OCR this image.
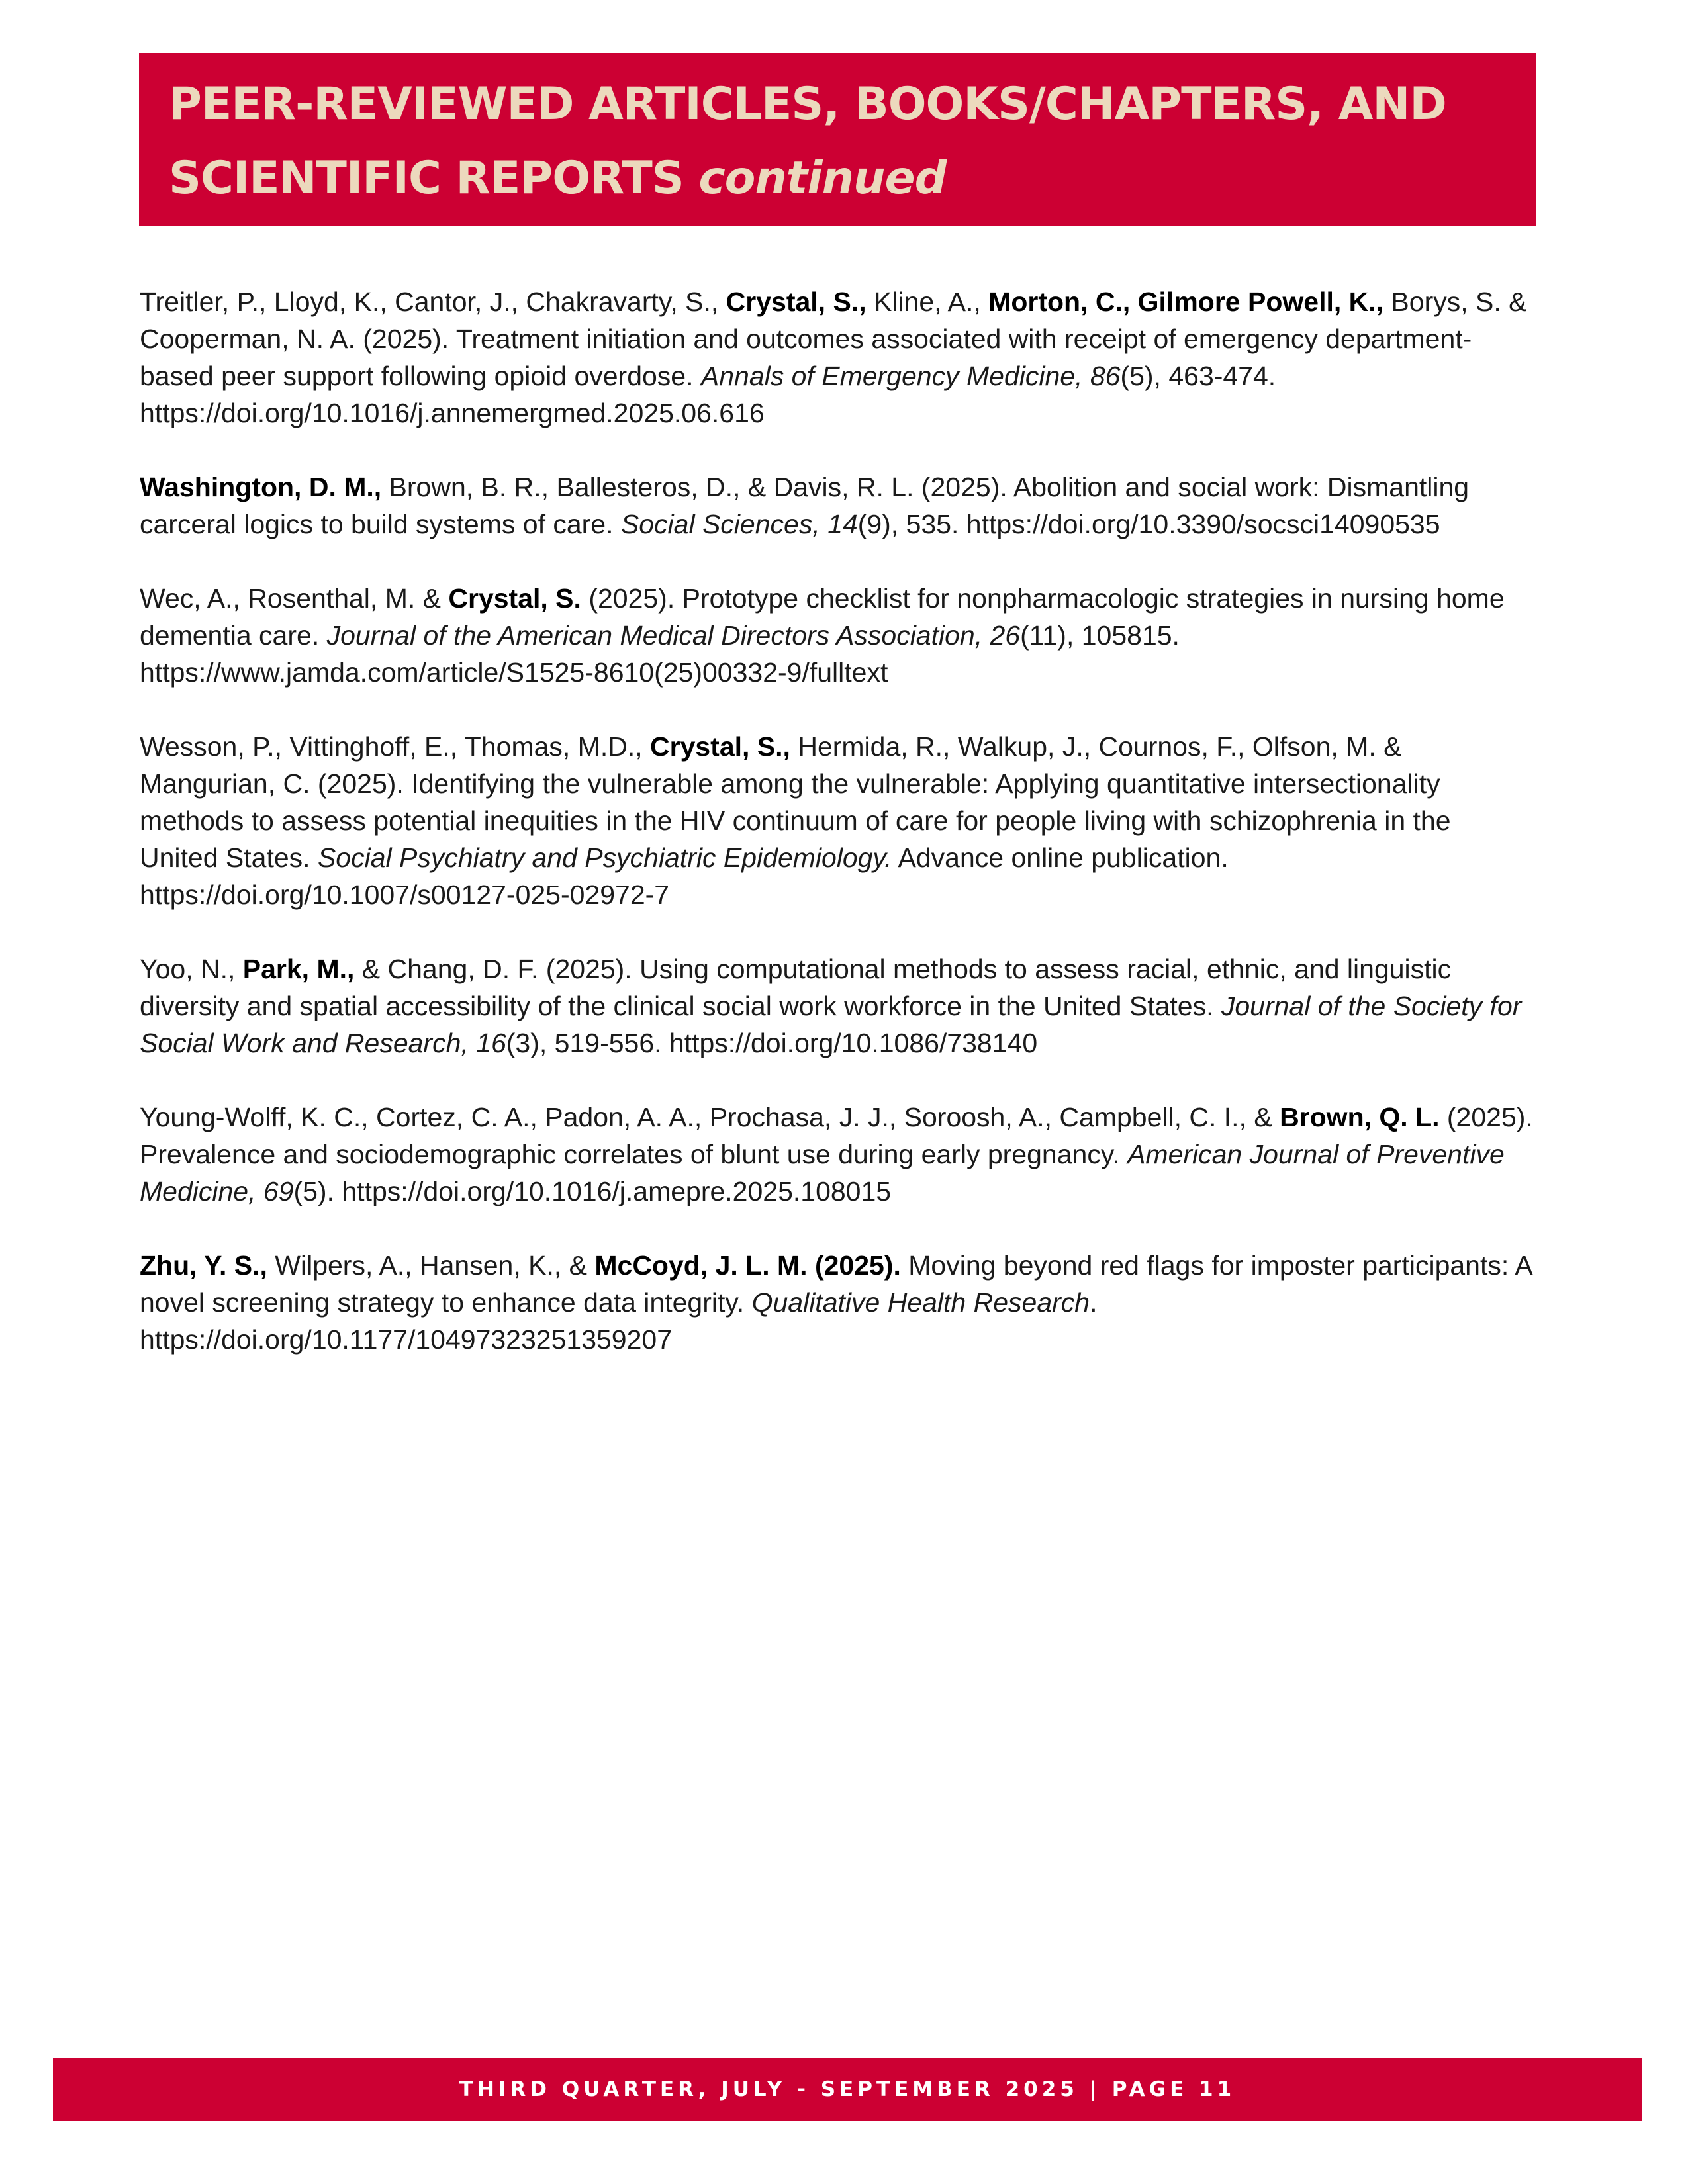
PEER-REVIEWED ARTICLES, BOOKS/CHAPTERS, AND SCIENTIFIC REPORTS continued

Treitler, P., Lloyd, K., Cantor, J., Chakravarty, S., Crystal, S., Kline, A., Morton, C., Gilmore Powell, K., Borys, S. & Cooperman, N. A. (2025). Treatment initiation and outcomes associated with receipt of emergency department-based peer support following opioid overdose. Annals of Emergency Medicine, 86(5), 463-474. https://doi.org/10.1016/j.annemergmed.2025.06.616

Washington, D. M., Brown, B. R., Ballesteros, D., & Davis, R. L. (2025). Abolition and social work: Dismantling carceral logics to build systems of care. Social Sciences, 14(9), 535. https://doi.org/10.3390/socsci14090535

Wec, A., Rosenthal, M. & Crystal, S. (2025). Prototype checklist for nonpharmacologic strategies in nursing home dementia care. Journal of the American Medical Directors Association, 26(11), 105815. https://www.jamda.com/article/S1525-8610(25)00332-9/fulltext

Wesson, P., Vittinghoff, E., Thomas, M.D., Crystal, S., Hermida, R., Walkup, J., Cournos, F., Olfson, M. & Mangurian, C. (2025). Identifying the vulnerable among the vulnerable: Applying quantitative intersectionality methods to assess potential inequities in the HIV continuum of care for people living with schizophrenia in the United States. Social Psychiatry and Psychiatric Epidemiology. Advance online publication. https://doi.org/10.1007/s00127-025-02972-7

Yoo, N., Park, M., & Chang, D. F. (2025). Using computational methods to assess racial, ethnic, and linguistic diversity and spatial accessibility of the clinical social work workforce in the United States. Journal of the Society for Social Work and Research, 16(3), 519-556. https://doi.org/10.1086/738140

Young-Wolff, K. C., Cortez, C. A., Padon, A. A., Prochasa, J. J., Soroosh, A., Campbell, C. I., & Brown, Q. L. (2025). Prevalence and sociodemographic correlates of blunt use during early pregnancy. American Journal of Preventive Medicine, 69(5). https://doi.org/10.1016/j.amepre.2025.108015

Zhu, Y. S., Wilpers, A., Hansen, K., & McCoyd, J. L. M. (2025). Moving beyond red flags for imposter participants: A novel screening strategy to enhance data integrity. Qualitative Health Research. https://doi.org/10.1177/10497323251359207

THIRD QUARTER, JULY - SEPTEMBER 2025 | PAGE 11
